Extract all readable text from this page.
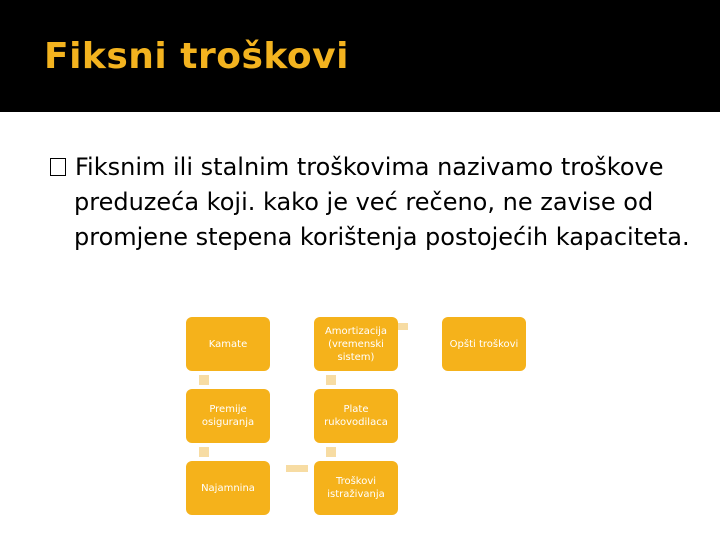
Fiksni troškovi
Fiksnim ili stalnim troškovima nazivamo troškove preduzeća koji. kako je već rečeno, ne zavise od promjene stepena korištenja postojećih kapaciteta.
Kamate
Amortizacija (vremenski sistem)
Opšti troškovi
Premije osiguranja
Plate rukovodilaca
Najamnina
Troškovi istraživanja
